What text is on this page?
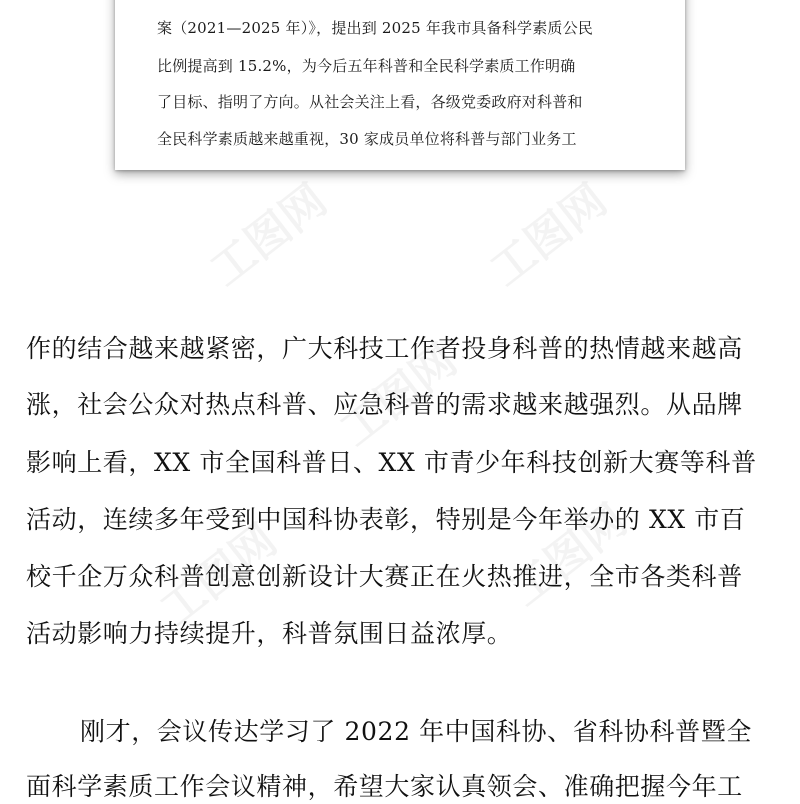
工图网	工图网
工图网
工图网
工图网
案（2021—2025 年）》，提出到 2025 年我市具备科学素质公民
比例提高到 15.2%，为今后五年科普和全民科学素质工作明确
了目标、指明了方向。从社会关注上看，各级党委政府对科普和
全民科学素质越来越重视，30 家成员单位将科普与部门业务工
作的结合越来越紧密，广大科技工作者投身科普的热情越来越高
涨，社会公众对热点科普、应急科普的需求越来越强烈。从品牌
影响上看，XX 市全国科普日、XX 市青少年科技创新大赛等科普
活动，连续多年受到中国科协表彰，特别是今年举办的 XX 市百
校千企万众科普创意创新设计大赛正在火热推进，全市各类科普
活动影响力持续提升，科普氛围日益浓厚。
刚才，会议传达学习了 2022 年中国科协、省科协科普暨全
面科学素质工作会议精神，希望大家认真领会、准确把握今年工
